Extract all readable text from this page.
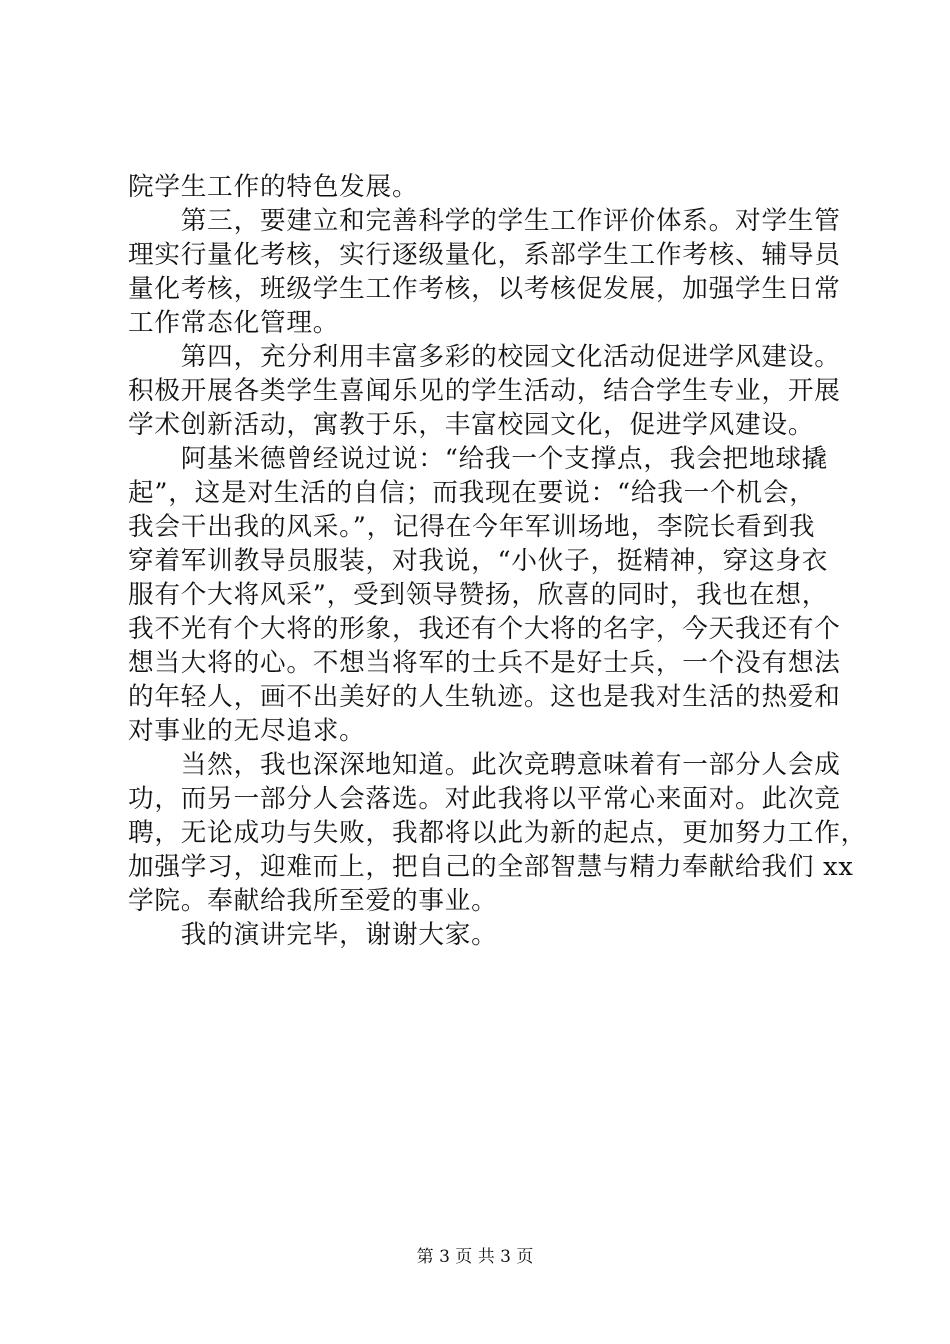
院学生工作的特色发展。
　　第三，要建立和完善科学的学生工作评价体系。对学生管
理实行量化考核，实行逐级量化，系部学生工作考核、辅导员
量化考核，班级学生工作考核，以考核促发展，加强学生日常
工作常态化管理。
　　第四，充分利用丰富多彩的校园文化活动促进学风建设。
积极开展各类学生喜闻乐见的学生活动，结合学生专业，开展
学术创新活动，寓教于乐，丰富校园文化，促进学风建设。
　　阿基米德曾经说过说：“给我一个支撑点，我会把地球撬
起”，这是对生活的自信；而我现在要说：“给我一个机会，
我会干出我的风采。”，记得在今年军训场地，李院长看到我
穿着军训教导员服装，对我说，“小伙子，挺精神，穿这身衣
服有个大将风采”，受到领导赞扬，欣喜的同时，我也在想，
我不光有个大将的形象，我还有个大将的名字，今天我还有个
想当大将的心。不想当将军的士兵不是好士兵，一个没有想法
的年轻人，画不出美好的人生轨迹。这也是我对生活的热爱和
对事业的无尽追求。
　　当然，我也深深地知道。此次竞聘意味着有一部分人会成
功，而另一部分人会落选。对此我将以平常心来面对。此次竞
聘，无论成功与失败，我都将以此为新的起点，更加努力工作，
加强学习，迎难而上，把自己的全部智慧与精力奉献给我们 xx
学院。奉献给我所至爱的事业。
　　我的演讲完毕，谢谢大家。
第 3 页 共 3 页
